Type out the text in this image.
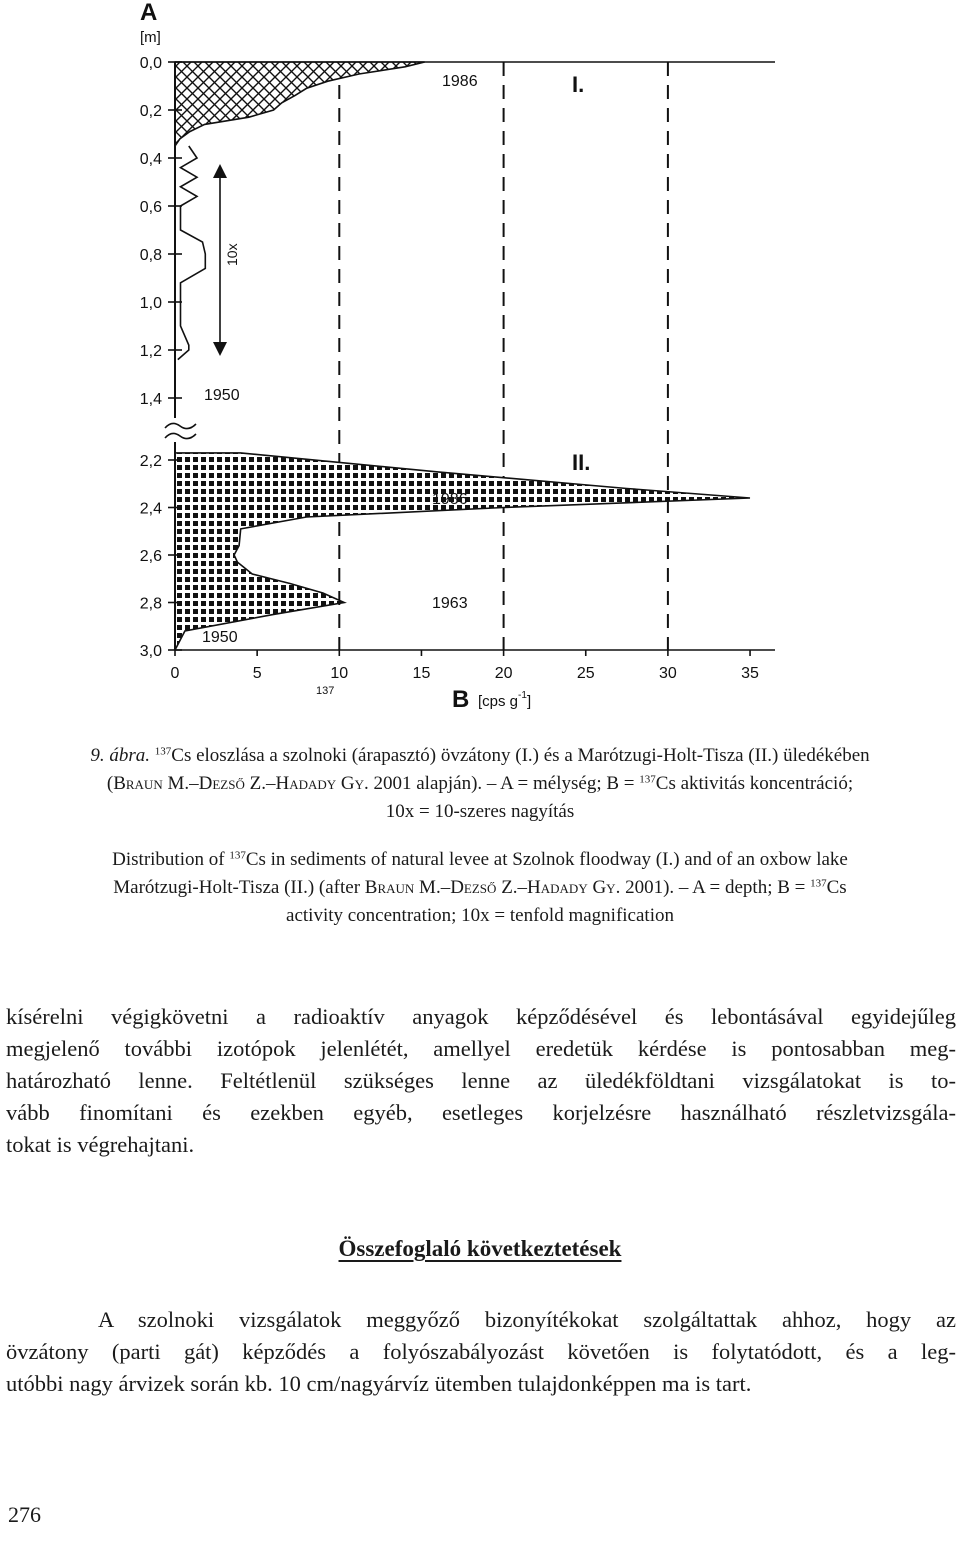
0,0
0,2
0,4
0,6
0,8
1,0
1,2
1,4
2,2
2,4
2,6
2,8
3,0
0	5	10	15	20	25	30	35
A
[m]
10x
I.
II.
1986
1950
1986
1963
1950
137	B [cps $g^{-1}$]
9. ábra. $^{137}$Cs eloszlása a szolnoki (árapasztó) övzátony (I.) és a Marótzugi-Holt-Tisza (II.) üledékében
(Braun M.–Dezső Z.–Hadady Gy. 2001 alapján). – A = mélység; B = $^{137}$Cs aktivitás koncentráció;
10x = 10-szeres nagyítás
Distribution of $^{137}$Cs in sediments of natural levee at Szolnok floodway (I.) and of an oxbow lake
Marótzugi-Holt-Tisza (II.) (after Braun M.–Dezső Z.–Hadady Gy. 2001). – A = depth; B = $^{137}$Cs
activity concentration; 10x = tenfold magnification

kísérelni végigkövetni a radioaktív anyagok képződésével és lebontásával egyidejűleg

megjelenő további izotópok jelenlétét, amellyel eredetük kérdése is pontosabban meg-

határozható lenne. Feltétlenül szükséges lenne az üledékföldtani vizsgálatokat is to-

vább finomítani és ezekben egyéb, esetleges korjelzésre használható részletvizsgála-

tokat is végrehajtani.

Összefoglaló következtetések

A szolnoki vizsgálatok meggyőző bizonyítékokat szolgáltattak ahhoz, hogy az

övzátony (parti gát) képződés a folyószabályozást követően is folytatódott, és a leg-

utóbbi nagy árvizek során kb. 10 cm/nagyárvíz ütemben tulajdonképpen ma is tart.

276
